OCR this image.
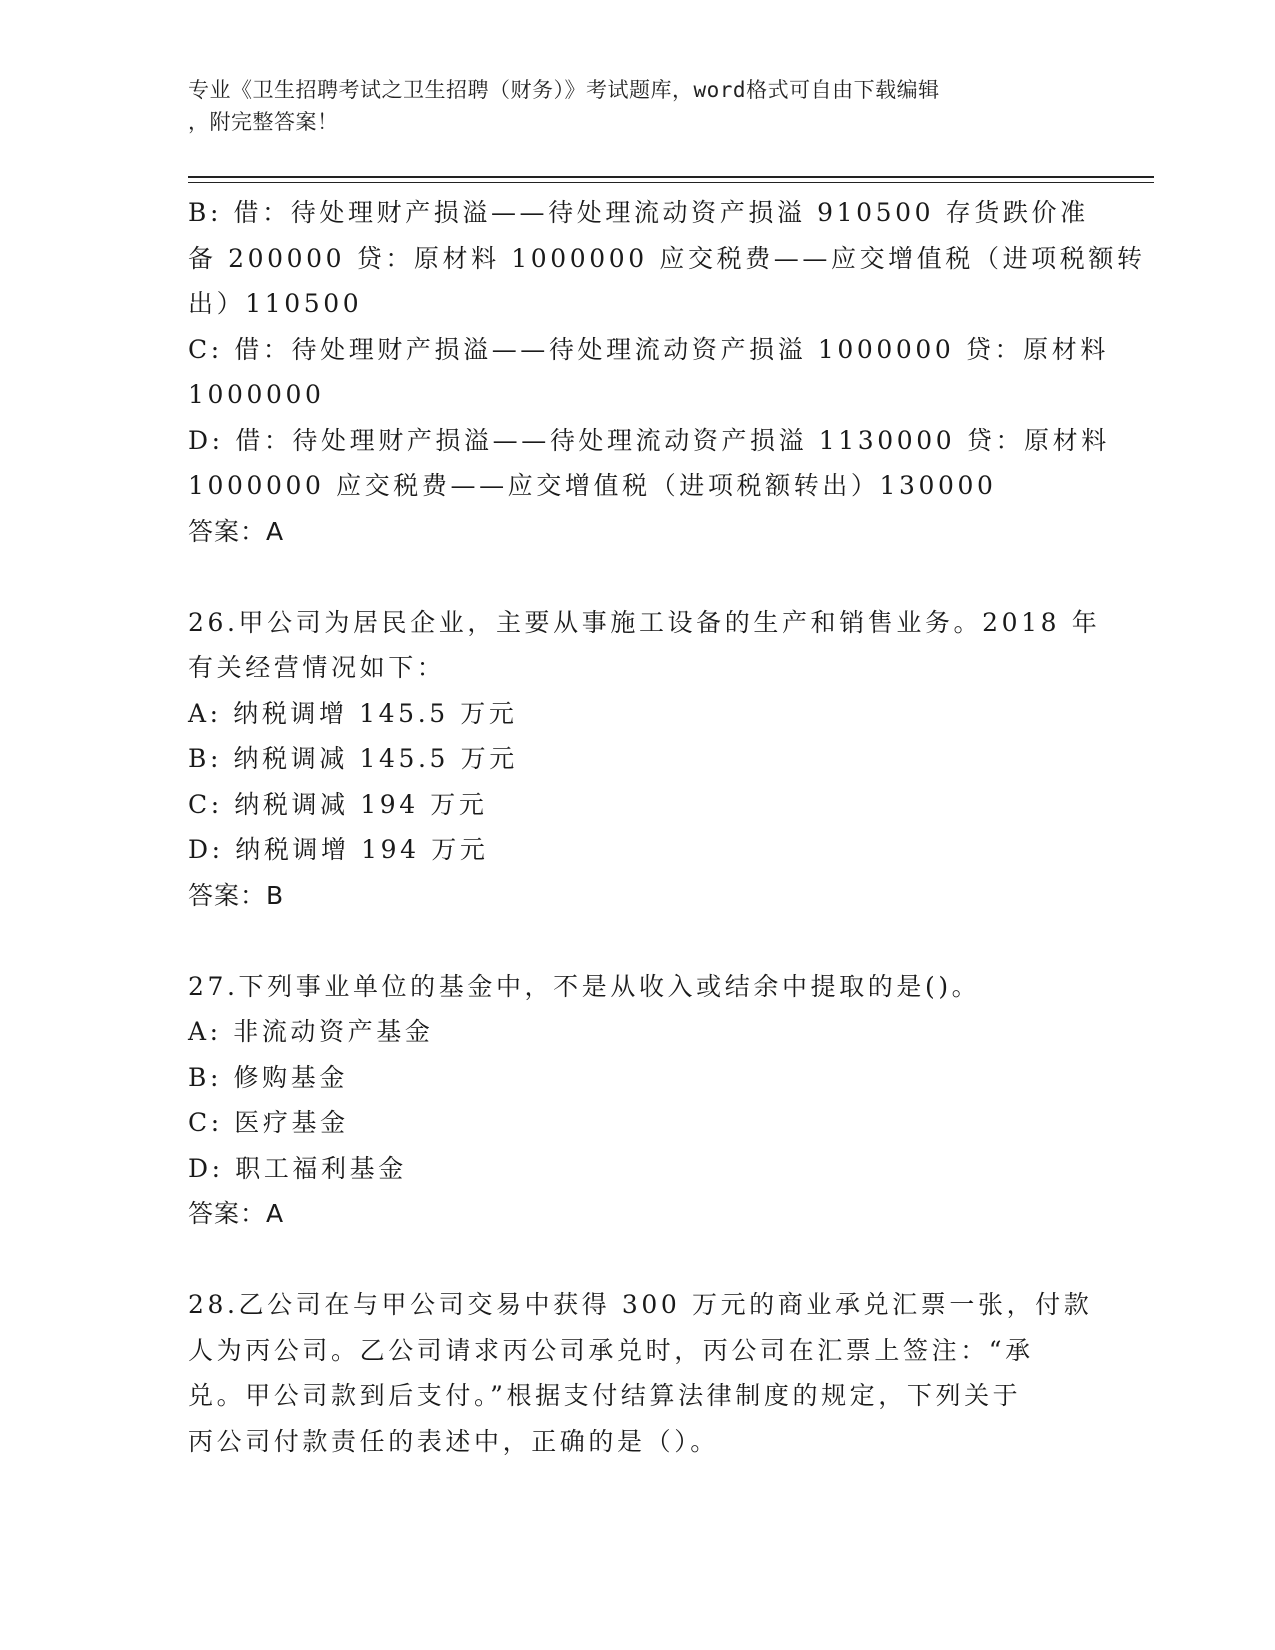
专业《卫生招聘考试之卫生招聘（财务）》考试题库，word格式可自由下载编辑
，附完整答案！
B: 借：待处理财产损溢——待处理流动资产损溢 910500 存货跌价准
备 200000 贷：原材料 1000000 应交税费——应交增值税（进项税额转
出）110500
C: 借：待处理财产损溢——待处理流动资产损溢 1000000 贷：原材料
1000000
D: 借：待处理财产损溢——待处理流动资产损溢 1130000 贷：原材料
1000000 应交税费——应交增值税（进项税额转出）130000
答案：A
26.甲公司为居民企业，主要从事施工设备的生产和销售业务。2018 年
有关经营情况如下：
A: 纳税调增 145.5 万元
B: 纳税调减 145.5 万元
C: 纳税调减 194 万元
D: 纳税调增 194 万元
答案：B
27.下列事业单位的基金中，不是从收入或结余中提取的是()。
A: 非流动资产基金
B: 修购基金
C: 医疗基金
D: 职工福利基金
答案：A
28.乙公司在与甲公司交易中获得 300 万元的商业承兑汇票一张，付款
人为丙公司。乙公司请求丙公司承兑时，丙公司在汇票上签注：“承
兑。甲公司款到后支付。”根据支付结算法律制度的规定，下列关于
丙公司付款责任的表述中，正确的是（）。
